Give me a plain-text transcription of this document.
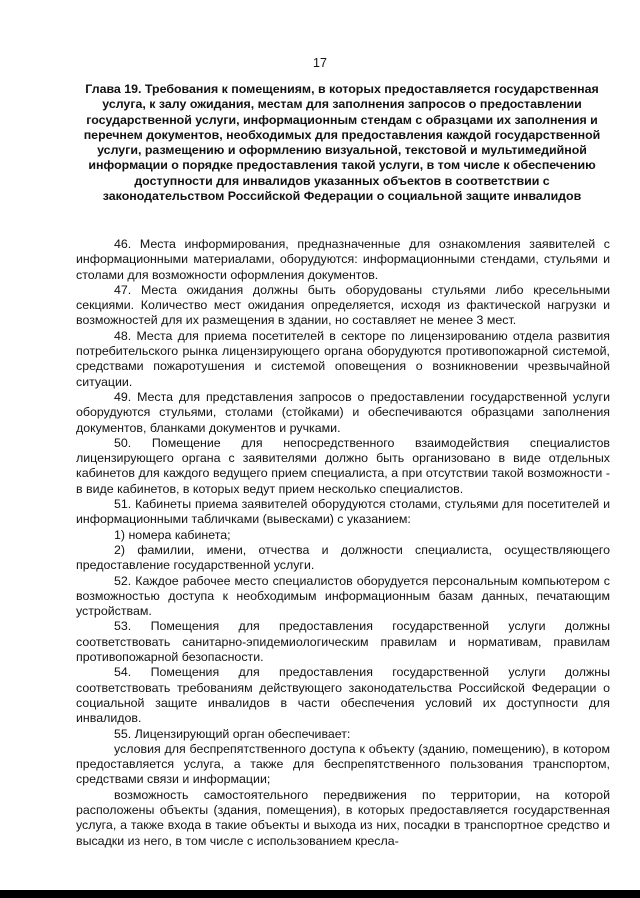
17
Глава 19. Требования к помещениям, в которых предоставляется государственная услуга, к залу ожидания, местам для заполнения запросов о предоставлении государственной услуги, информационным стендам с образцами их заполнения и перечнем документов, необходимых для предоставления каждой государственной услуги, размещению и оформлению визуальной, текстовой и мультимедийной информации о порядке предоставления такой услуги, в том числе к обеспечению доступности для инвалидов указанных объектов в соответствии с законодательством Российской Федерации о социальной защите инвалидов

46. Места информирования, предназначенные для ознакомления заявителей с информационными материалами, оборудуются: информационными стендами, стульями и столами для возможности оформления документов.

47. Места ожидания должны быть оборудованы стульями либо кресельными секциями. Количество мест ожидания определяется, исходя из фактической нагрузки и возможностей для их размещения в здании, но составляет не менее 3 мест.

48. Места для приема посетителей в секторе по лицензированию отдела развития потребительского рынка лицензирующего органа оборудуются противопожарной системой, средствами пожаротушения и системой оповещения о возникновении чрезвычайной ситуации.

49. Места для представления запросов о предоставлении государственной услуги оборудуются стульями, столами (стойками) и обеспечиваются образцами заполнения документов, бланками документов и ручками.

50. Помещение для непосредственного взаимодействия специалистов лицензирующего органа с заявителями должно быть организовано в виде отдельных кабинетов для каждого ведущего прием специалиста, а при отсутствии такой возможности - в виде кабинетов, в которых ведут прием несколько специалистов.

51. Кабинеты приема заявителей оборудуются столами, стульями для посетителей и информационными табличками (вывесками) с указанием:

1) номера кабинета;

2) фамилии, имени, отчества и должности специалиста, осуществляющего предоставление государственной услуги.

52. Каждое рабочее место специалистов оборудуется персональным компьютером с возможностью доступа к необходимым информационным базам данных, печатающим устройствам.

53. Помещения для предоставления государственной услуги должны соответствовать санитарно-эпидемиологическим правилам и нормативам, правилам противопожарной безопасности.

54. Помещения для предоставления государственной услуги должны соответствовать требованиям действующего законодательства Российской Федерации о социальной защите инвалидов в части обеспечения условий их доступности для инвалидов.

55. Лицензирующий орган обеспечивает:

условия для беспрепятственного доступа к объекту (зданию, помещению), в котором предоставляется услуга, а также для беспрепятственного пользования транспортом, средствами связи и информации;

возможность самостоятельного передвижения по территории, на которой расположены объекты (здания, помещения), в которых предоставляется государственная услуга, а также входа в такие объекты и выхода из них, посадки в транспортное средство и высадки из него, в том числе с использованием кресла-
